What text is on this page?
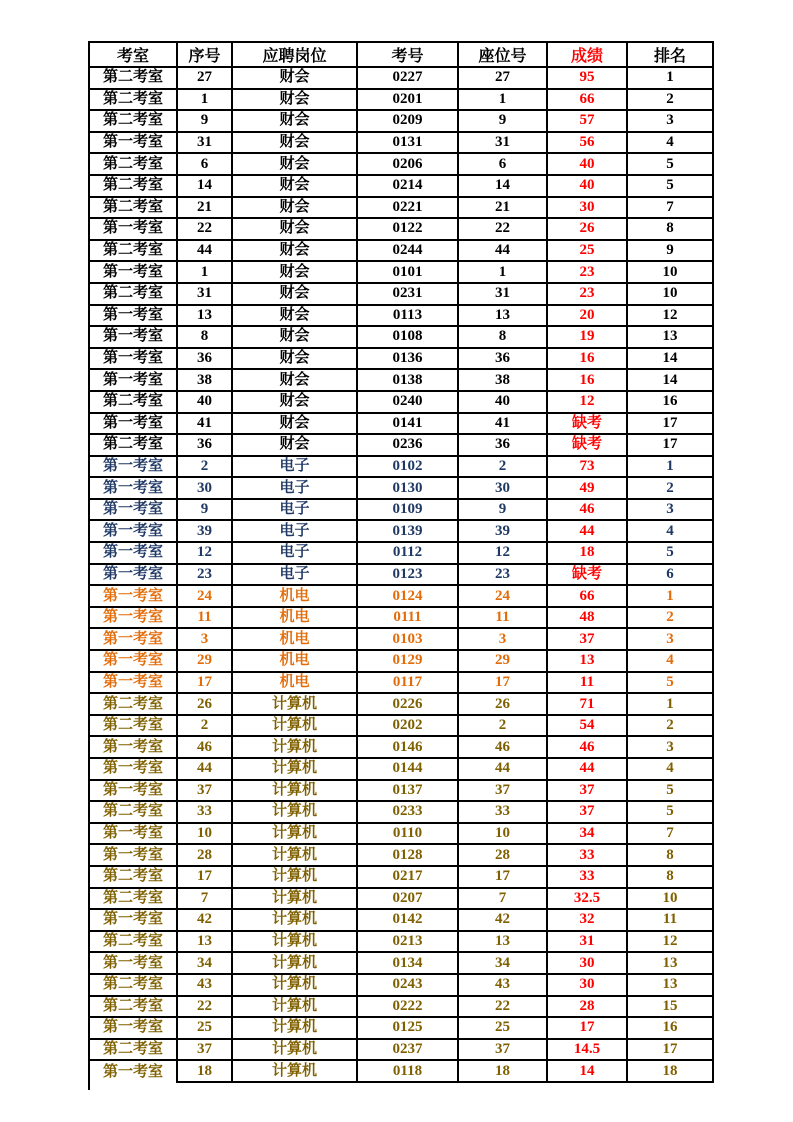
考室	序号	应聘岗位	考号	座位号	成绩	排名
第二考室	27	财会	0227	27	95	1
第二考室	1	财会	0201	1	66	2
第二考室	9	财会	0209	9	57	3
第一考室	31	财会	0131	31	56	4
第二考室	6	财会	0206	6	40	5
第二考室	14	财会	0214	14	40	5
第二考室	21	财会	0221	21	30	7
第一考室	22	财会	0122	22	26	8
第二考室	44	财会	0244	44	25	9
第一考室	1	财会	0101	1	23	10
第二考室	31	财会	0231	31	23	10
第一考室	13	财会	0113	13	20	12
第一考室	8	财会	0108	8	19	13
第一考室	36	财会	0136	36	16	14
第一考室	38	财会	0138	38	16	14
第二考室	40	财会	0240	40	12	16
第一考室	41	财会	0141	41	缺考	17
第二考室	36	财会	0236	36	缺考	17
第一考室	2	电子	0102	2	73	1
第一考室	30	电子	0130	30	49	2
第一考室	9	电子	0109	9	46	3
第一考室	39	电子	0139	39	44	4
第一考室	12	电子	0112	12	18	5
第一考室	23	电子	0123	23	缺考	6
第一考室	24	机电	0124	24	66	1
第一考室	11	机电	0111	11	48	2
第一考室	3	机电	0103	3	37	3
第一考室	29	机电	0129	29	13	4
第一考室	17	机电	0117	17	11	5
第二考室	26	计算机	0226	26	71	1
第二考室	2	计算机	0202	2	54	2
第一考室	46	计算机	0146	46	46	3
第一考室	44	计算机	0144	44	44	4
第一考室	37	计算机	0137	37	37	5
第二考室	33	计算机	0233	33	37	5
第一考室	10	计算机	0110	10	34	7
第一考室	28	计算机	0128	28	33	8
第二考室	17	计算机	0217	17	33	8
第二考室	7	计算机	0207	7	32.5	10
第一考室	42	计算机	0142	42	32	11
第二考室	13	计算机	0213	13	31	12
第一考室	34	计算机	0134	34	30	13
第二考室	43	计算机	0243	43	30	13
第二考室	22	计算机	0222	22	28	15
第一考室	25	计算机	0125	25	17	16
第二考室	37	计算机	0237	37	14.5	17
第一考室	18	计算机	0118	18	14	18
